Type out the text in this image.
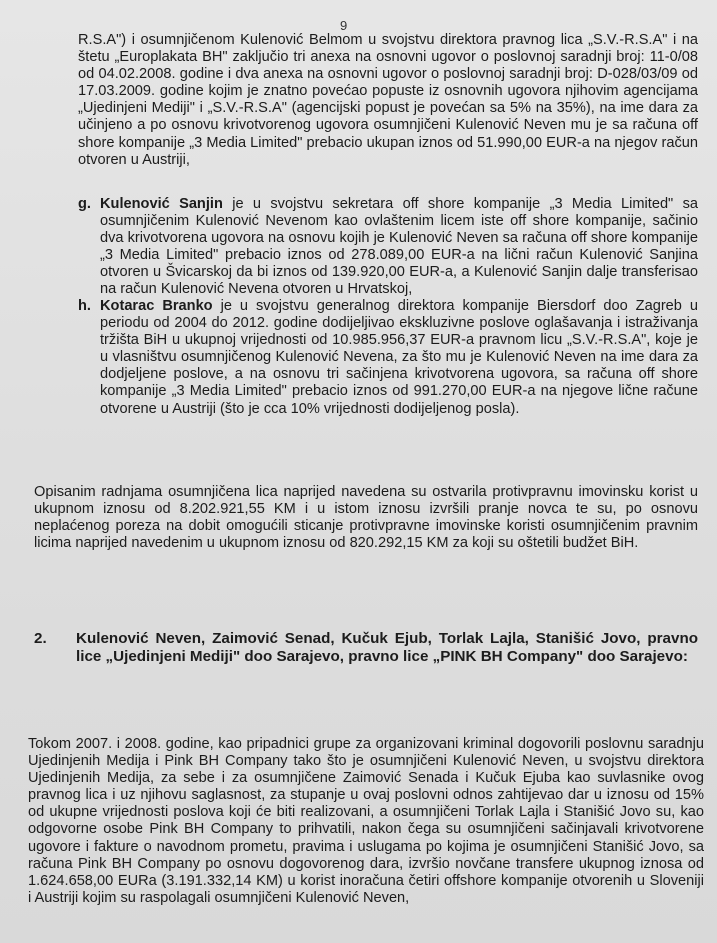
9

R.S.A") i osumnjičenom Kulenović Belmom u svojstvu direktora pravnog lica „S.V.-R.S.A" i na štetu „Europlakata BH" zaključio tri anexa na osnovni ugovor o poslovnoj saradnji broj: 11-0/08 od 04.02.2008. godine i dva anexa na osnovni ugovor o poslovnoj saradnji broj: D-028/03/09 od 17.03.2009. godine kojim je znatno povećao popuste iz osnovnih ugovora njihovim agencijama „Ujedinjeni Mediji" i „S.V.-R.S.A" (agencijski popust je povećan sa 5% na 35%), na ime dara za učinjeno a po osnovu krivotvorenog ugovora osumnjičeni Kulenović Neven mu je sa računa off shore kompanije „3 Media Limited" prebacio ukupan iznos od 51.990,00 EUR-a na njegov račun otvoren u Austriji,

g. Kulenović Sanjin je u svojstvu sekretara off shore kompanije „3 Media Limited" sa osumnjičenim Kulenović Nevenom kao ovlaštenim licem iste off shore kompanije, sačinio dva krivotvorena ugovora na osnovu kojih je Kulenović Neven sa računa off shore kompanije „3 Media Limited" prebacio iznos od 278.089,00 EUR-a na lični račun Kulenović Sanjina otvoren u Švicarskoj da bi iznos od 139.920,00 EUR-a, a Kulenović Sanjin dalje transferisao na račun Kulenović Nevena otvoren u Hrvatskoj,

h. Kotarac Branko je u svojstvu generalnog direktora kompanije Biersdorf doo Zagreb u periodu od 2004 do 2012. godine dodijeljivao ekskluzivne poslove oglašavanja i istraživanja tržišta BiH u ukupnoj vrijednosti od 10.985.956,37 EUR-a pravnom licu „S.V.-R.S.A", koje je u vlasništvu osumnjičenog Kulenović Nevena, za što mu je Kulenović Neven na ime dara za dodjeljene poslove, a na osnovu tri sačinjena krivotvorena ugovora, sa računa off shore kompanije „3 Media Limited" prebacio iznos od 991.270,00 EUR-a na njegove lične račune otvorene u Austriji (što je cca 10% vrijednosti dodijeljenog posla).

Opisanim radnjama osumnjičena lica naprijed navedena su ostvarila protivpravnu imovinsku korist u ukupnom iznosu od 8.202.921,55 KM i u istom iznosu izvršili pranje novca te su, po osnovu neplaćenog poreza na dobit omogućili sticanje protivpravne imovinske koristi osumnjičenim pravnim licima naprijed navedenim u ukupnom iznosu od 820.292,15 KM za koji su oštetili budžet BiH.

2.	Kulenović Neven, Zaimović Senad, Kučuk Ejub, Torlak Lajla, Stanišić Jovo, pravno lice „Ujedinjeni Mediji" doo Sarajevo, pravno lice „PINK BH Company" doo Sarajevo:

Tokom 2007. i 2008. godine, kao pripadnici grupe za organizovani kriminal dogovorili poslovnu saradnju Ujedinjenih Medija i Pink BH Company tako što je osumnjičeni Kulenović Neven, u svojstvu direktora Ujedinjenih Medija, za sebe i za osumnjičene Zaimović Senada i Kučuk Ejuba kao suvlasnike ovog pravnog lica i uz njihovu saglasnost, za stupanje u ovaj poslovni odnos zahtijevao dar u iznosu od 15% od ukupne vrijednosti poslova koji će biti realizovani, a osumnjičeni Torlak Lajla i Stanišić Jovo su, kao odgovorne osobe Pink BH Company to prihvatili, nakon čega su osumnjičeni sačinjavali krivotvorene ugovore i fakture o navodnom prometu, pravima i uslugama po kojima je osumnjičeni Stanišić Jovo, sa računa Pink BH Company po osnovu dogovorenog dara, izvršio novčane transfere ukupnog iznosa od 1.624.658,00 EURa (3.191.332,14 KM) u korist inoračuna četiri offshore kompanije otvorenih u Sloveniji i Austriji kojim su raspolagali osumnjičeni Kulenović Neven,
